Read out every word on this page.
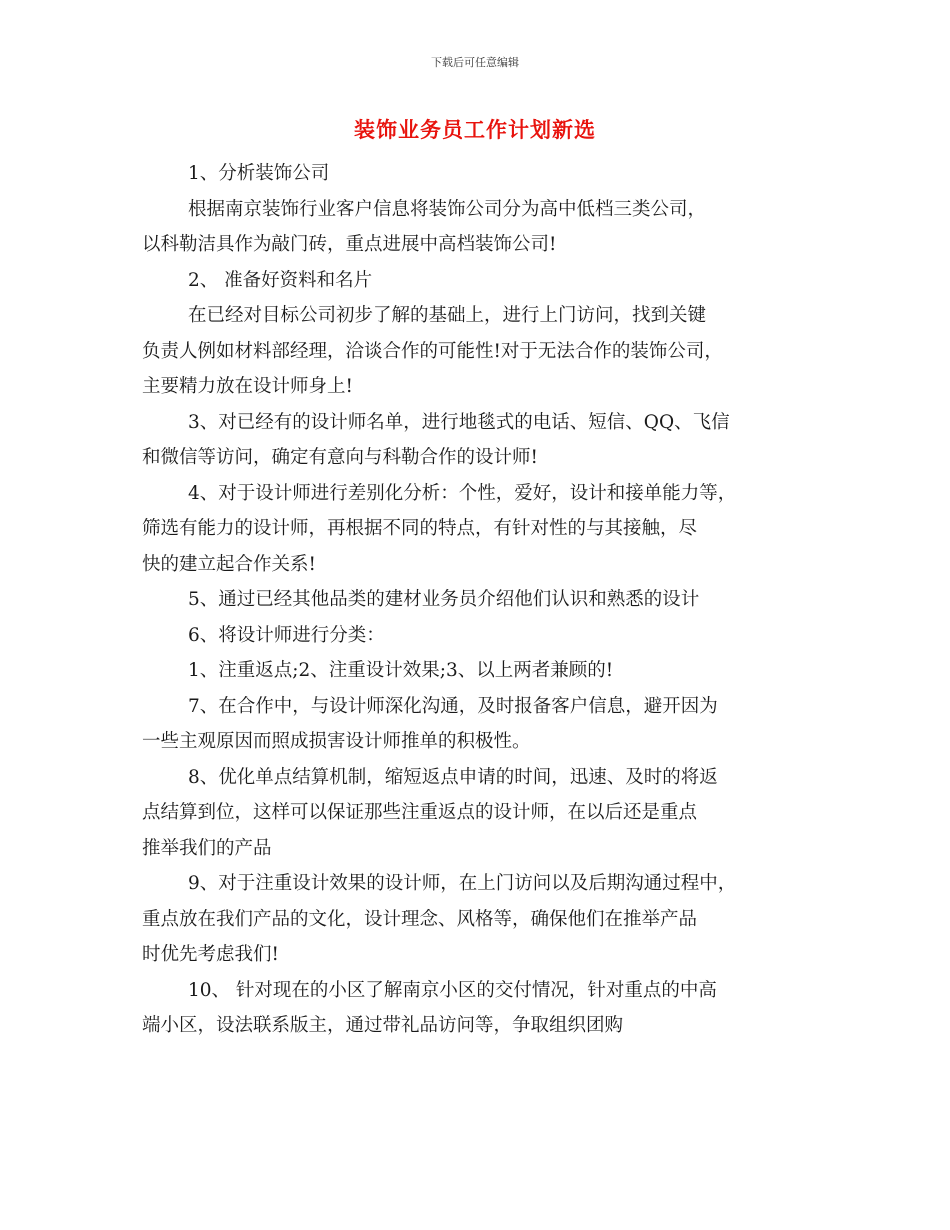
下载后可任意编辑
装饰业务员工作计划新选

1、分析装饰公司

根据南京装饰行业客户信息将装饰公司分为高中低档三类公司，
以科勒洁具作为敲门砖，重点进展中高档装饰公司!

2、 准备好资料和名片

在已经对目标公司初步了解的基础上，进行上门访问，找到关键
负责人例如材料部经理，洽谈合作的可能性!对于无法合作的装饰公司，
主要精力放在设计师身上!

3、对已经有的设计师名单，进行地毯式的电话、短信、QQ、飞信
和微信等访问，确定有意向与科勒合作的设计师!

4、对于设计师进行差别化分析：个性，爱好，设计和接单能力等，
筛选有能力的设计师，再根据不同的特点，有针对性的与其接触，尽
快的建立起合作关系!

5、通过已经其他品类的建材业务员介绍他们认识和熟悉的设计

6、将设计师进行分类：

1、注重返点;2、注重设计效果;3、以上两者兼顾的!

7、在合作中，与设计师深化沟通，及时报备客户信息，避开因为
一些主观原因而照成损害设计师推单的积极性。

8、优化单点结算机制，缩短返点申请的时间，迅速、及时的将返
点结算到位，这样可以保证那些注重返点的设计师，在以后还是重点
推举我们的产品

9、对于注重设计效果的设计师，在上门访问以及后期沟通过程中，
重点放在我们产品的文化，设计理念、风格等，确保他们在推举产品
时优先考虑我们!

10、 针对现在的小区了解南京小区的交付情况，针对重点的中高
端小区，设法联系版主，通过带礼品访问等，争取组织团购
